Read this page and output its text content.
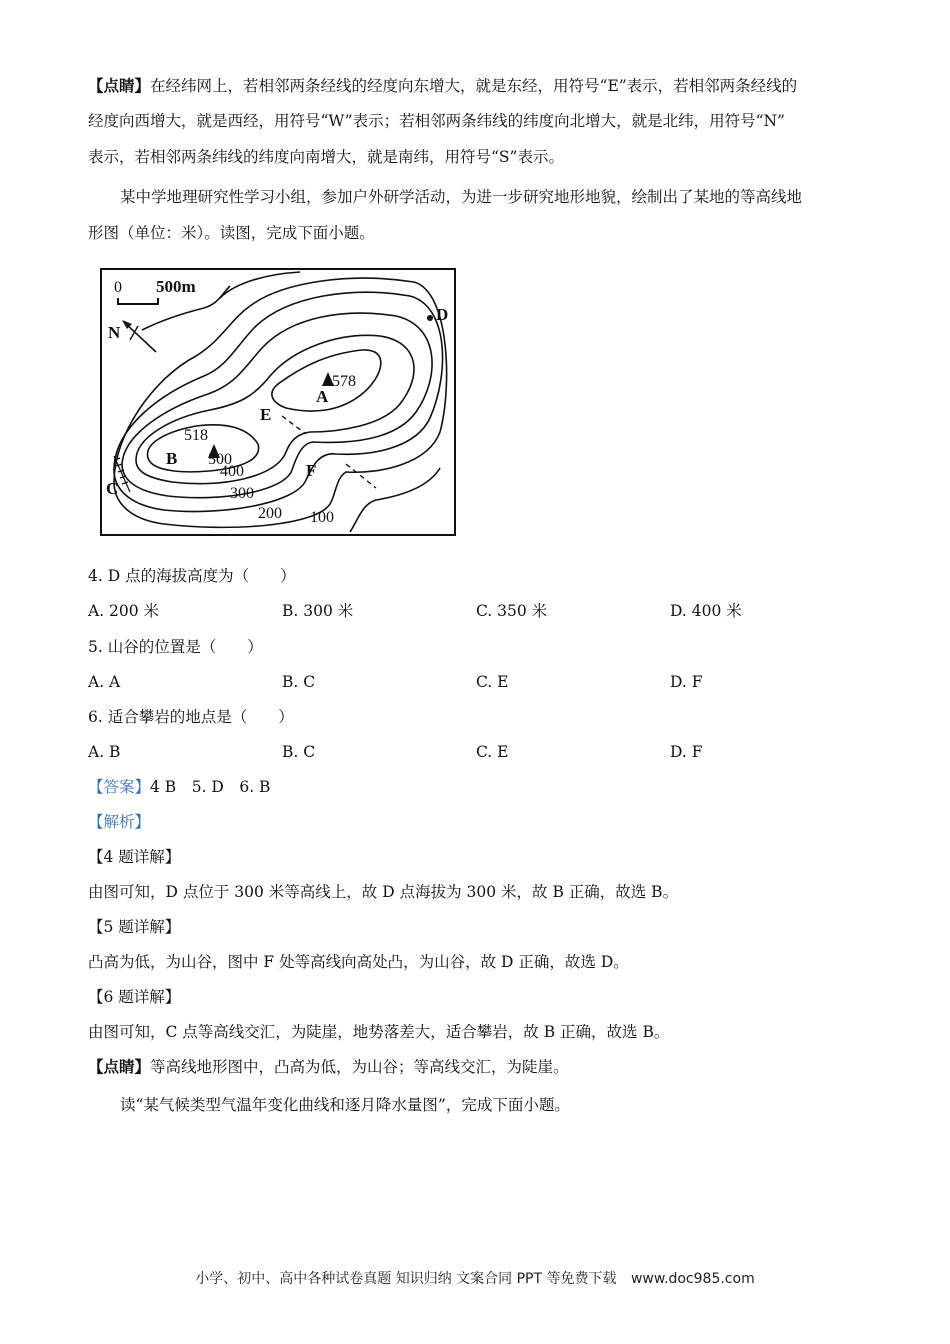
【点睛】在经纬网上，若相邻两条经线的经度向东增大，就是东经，用符号“E”表示，若相邻两条经线的
经度向西增大，就是西经，用符号“W”表示；若相邻两条纬线的纬度向北增大，就是北纬，用符号“N”
表示，若相邻两条纬线的纬度向南增大，就是南纬，用符号“S”表示。
某中学地理研究性学习小组，参加户外研学活动，为进一步研究地形地貌，绘制出了某地的等高线地
形图（单位：米）。读图，完成下面小题。
0 500m
N
578
A
518
B
C
D
E
F
500
400
300
200 100
4. D 点的海拔高度为（　　）
A. 200 米	B. 300 米	C. 350 米	D. 400 米
5. 山谷的位置是（　　）
A. A	B. C	C. E	D. F
6. 适合攀岩的地点是（　　）
A. B	B. C	C. E	D. F
【答案】4 B　5. D　6. B
【解析】
【4 题详解】
由图可知，D 点位于 300 米等高线上，故 D 点海拔为 300 米，故 B 正确，故选 B。
【5 题详解】
凸高为低，为山谷，图中 F 处等高线向高处凸，为山谷，故 D 正确，故选 D。
【6 题详解】
由图可知，C 点等高线交汇，为陡崖，地势落差大，适合攀岩，故 B 正确，故选 B。
【点睛】等高线地形图中，凸高为低，为山谷；等高线交汇，为陡崖。
读“某气候类型气温年变化曲线和逐月降水量图”，完成下面小题。
小学、初中、高中各种试卷真题 知识归纳 文案合同 PPT 等免费下载 www.doc985.com
